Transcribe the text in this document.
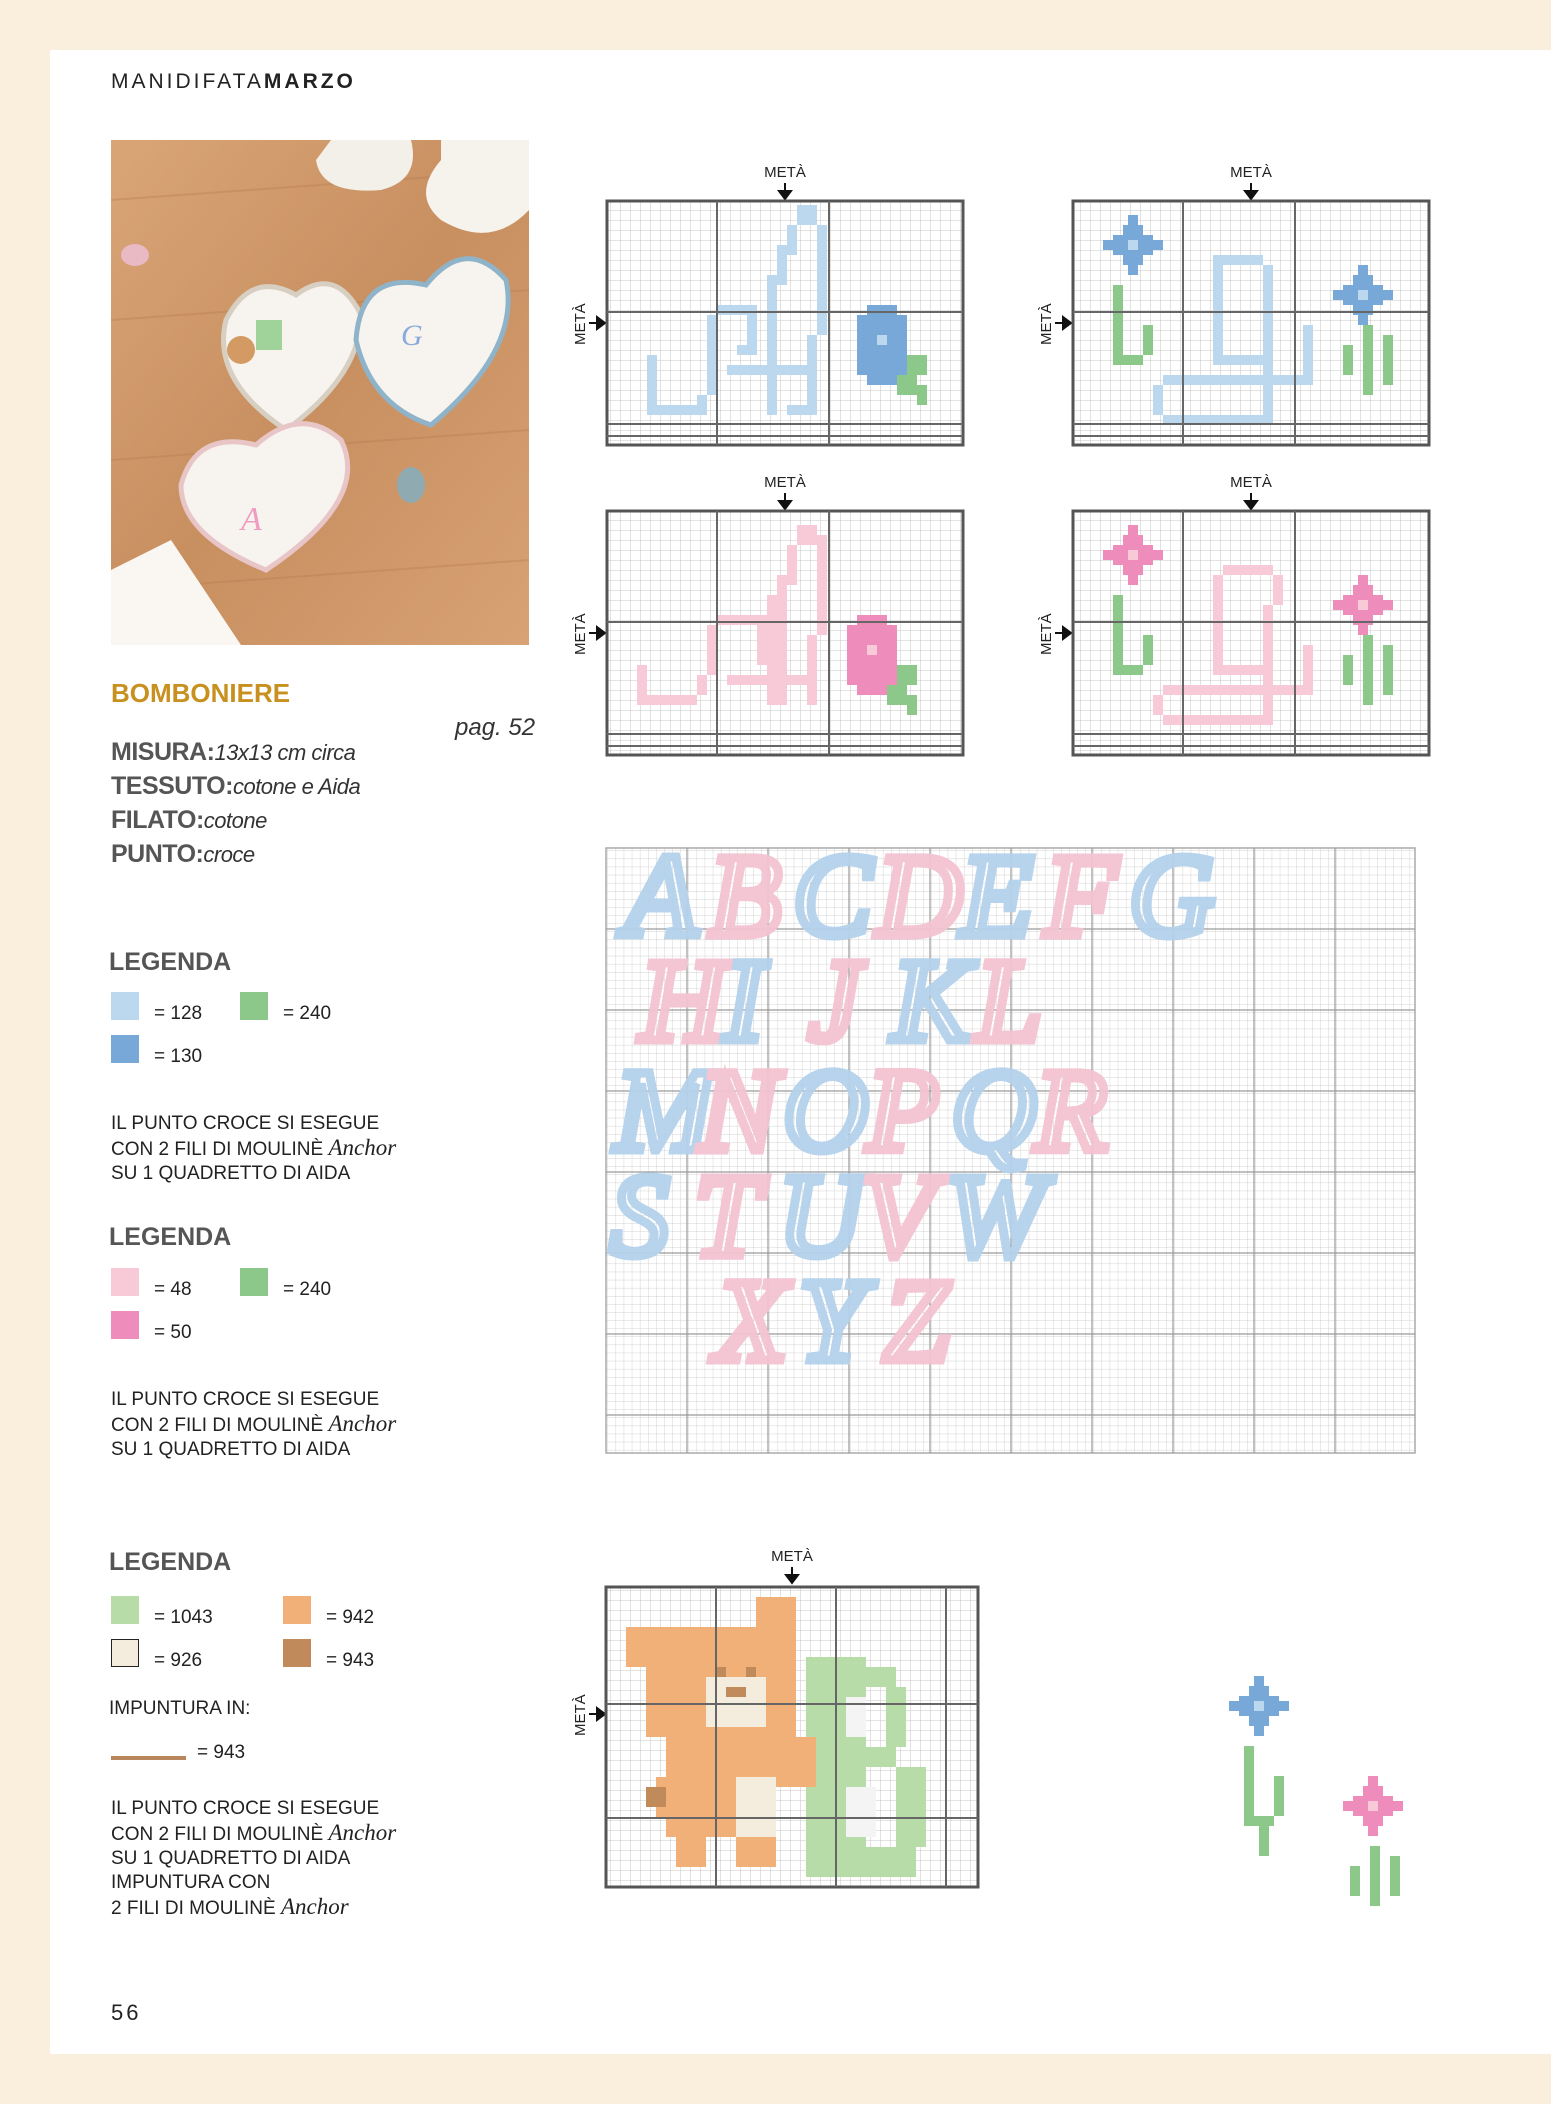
MANIDIFATAMARZO
G
A
BOMBONIERE
pag. 52
MISURA:13x13 cm circa
TESSUTO:cotone e Aida
FILATO:cotone
PUNTO:croce
LEGENDA
= 128	= 240
= 130
IL PUNTO CROCE SI ESEGUE
CON 2 FILI DI MOULINÈ Anchor
SU 1 QUADRETTO DI AIDA
LEGENDA
= 48	= 240
= 50
IL PUNTO CROCE SI ESEGUE
CON 2 FILI DI MOULINÈ Anchor
SU 1 QUADRETTO DI AIDA
LEGENDA
= 1043	= 942
= 926	= 943
IMPUNTURA IN:
= 943
IL PUNTO CROCE SI ESEGUE
CON 2 FILI DI MOULINÈ Anchor
SU 1 QUADRETTO DI AIDA
IMPUNTURA CON
2 FILI DI MOULINÈ Anchor
METÀ	METÀ
METÀ	METÀ
METÀ
METÀ	METÀ
METÀ	METÀ
METÀ
A B C D
E F G
H
I J K L
M
N O
P Q
R
S T U
V W
X Y Z
56
